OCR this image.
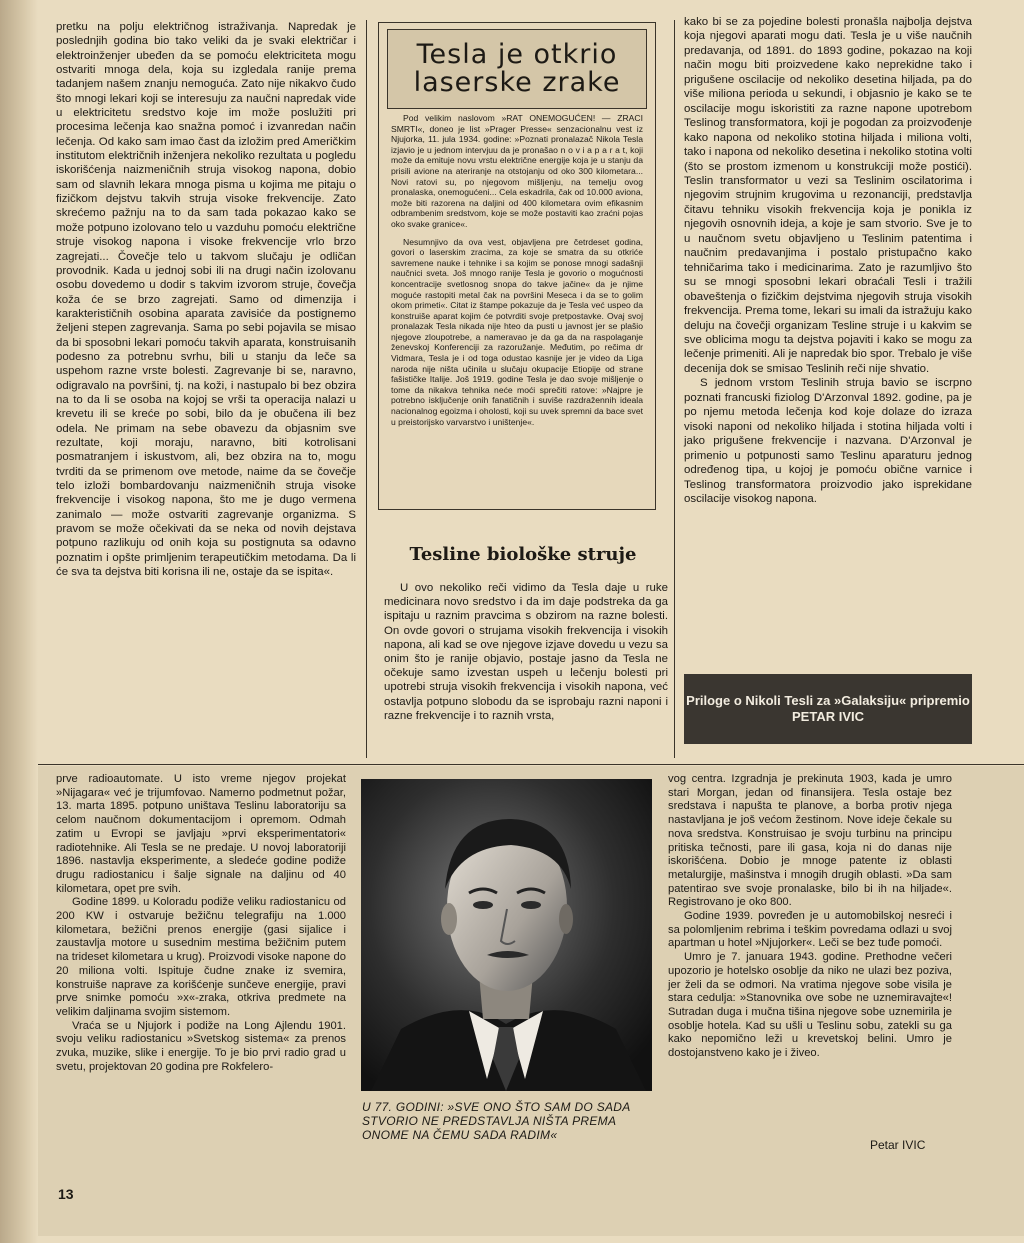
pretku na polju električnog istraživanja. Napredak je poslednjih godina bio tako veliki da je svaki električar i elektroinženjer ubeđen da se pomoću elektriciteta mogu ostvariti mnoga dela, koja su izgledala ranije prema tadanjem našem znanju nemoguća. Zato nije nikakvo čudo što mnogi lekari koji se interesuju za naučni napredak vide u elektricitetu sredstvo koje im može poslužiti pri procesima lečenja kao snažna pomoć i izvanredan način lečenja. Od kako sam imao čast da izložim pred Američkim institutom električnih inženjera nekoliko rezultata u pogledu iskorišćenja naizmeničnih struja visokog napona, dobio sam od slavnih lekara mnoga pisma u kojima me pitaju o fizičkom dejstvu takvih struja visoke frekvencije. Zato skrećemo pažnju na to da sam tada pokazao kako se može potpuno izolovano telo u vazduhu pomoću električne struje visokog napona i visoke frekvencije vrlo brzo zagrejati... Čovečje telo u takvom slučaju je odličan provodnik. Kada u jednoj sobi ili na drugi način izolovanu osobu dovedemo u dodir s takvim izvorom struje, čovečja koža će se brzo zagrejati. Samo od dimenzija i karakterističnih osobina aparata zavisiće da postignemo željeni stepen zagrevanja. Sama po sebi pojavila se misao da bi sposobni lekari pomoću takvih aparata, konstruisanih podesno za potrebnu svrhu, bili u stanju da leče sa uspehom razne vrste bolesti. Zagrevanje bi se, naravno, odigravalo na površini, tj. na koži, i nastupalo bi bez obzira na to da li se osoba na kojoj se vrši ta operacija nalazi u krevetu ili se kreće po sobi, bilo da je obučena ili bez odela. Ne primam na sebe obavezu da objasnim sve rezultate, koji moraju, naravno, biti kotrolisani posmatranjem i iskustvom, ali, bez obzira na to, mogu tvrditi da se primenom ove metode, naime da se čovečje telo izloži bombardovanju naizmeničnih struja visoke frekvencije i visokog napona, što me je dugo vermena zanimalo — može ostvariti zagrevanje organizma. S pravom se može očekivati da se neka od novih dejstava potpuno razlikuju od onih koja su postignuta sa odavno poznatim i opšte primljenim terapeutičkim metodama. Da li će sva ta dejstva biti korisna ili ne, ostaje da se ispita«.

Tesla je otkrio laserske zrake

Pod velikim naslovom »RAT ONEMOGUĆEN! — ZRACI SMRTI«, doneo je list »Prager Presse« senzacionalnu vest iz Njujorka, 11. jula 1934. godine: »Poznati pronalazač Nikola Tesla izjavio je u jednom intervjuu da je pronašao n o v i a p a r a t, koji može da emituje novu vrstu električne energije koja je u stanju da prisili avione na ateriranje na otstojanju od oko 300 kilometara... Novi ratovi su, po njegovom mišljenju, na temelju ovog pronalaska, onemogućeni... Cela eskadrila, čak od 10.000 aviona, može biti razorena na daljini od 400 kilometara ovim efikasnim odbrambenim sredstvom, koje se može postaviti kao zraćni pojas oko svake granice«.

Nesumnjivo da ova vest, objavljena pre četrdeset godina, govori o laserskim zracima, za koje se smatra da su otkriće savremene nauke i tehnike i sa kojim se ponose mnogi sadašnji naučnici sveta. Još mnogo ranije Tesla je govorio o mogućnosti koncentracije svetlosnog snopa do takve jačine« da je njime moguće rastopiti metal čak na površini Meseca i da se to golim okom primeti«. Citat iz štampe pokazuje da je Tesla već uspeo da konstruiše aparat kojim će potvrditi svoje pretpostavke. Ovaj svoj pronalazak Tesla nikada nije hteo da pusti u javnost jer se plašio njegove zloupotrebe, a nameravao je da ga da na raspolaganje ženevskoj Konferenciji za razoružanje. Međutim, po rečima dr Vidmara, Tesla je i od toga odustao kasnije jer je video da Liga naroda nije ništa učinila u slučaju okupacije Etiopije od strane fašističke Italije. Još 1919. godine Tesla je dao svoje mišljenje o tome da nikakva tehnika neće moći sprečiti ratove: »Najpre je potrebno isključenje onih fanatičnih i suviše razdražennih ideala nacionalnog egoizma i oholosti, koji su uvek spremni da bace svet u preistorijsko varvarstvo i uništenje«.

Tesline biološke struje

U ovo nekoliko reči vidimo da Tesla daje u ruke medicinara novo sredstvo i da im daje podstreka da ga ispitaju u raznim pravcima s obzirom na razne bolesti. On ovde govori o strujama visokih frekvencija i visokih napona, ali kad se ove njegove izjave dovedu u vezu sa onim što je ranije objavio, postaje jasno da Tesla ne očekuje samo izvestan uspeh u lečenju bolesti pri upotrebi struja visokih frekvencija i visokih napona, već ostavlja potpuno slobodu da se isprobaju razni naponi i razne frekvencije i to raznih vrsta,

kako bi se za pojedine bolesti pronašla najbolja dejstva koja njegovi aparati mogu dati. Tesla je u više naučnih predavanja, od 1891. do 1893 godine, pokazao na koji način mogu biti proizvedene kako neprekidne tako i prigušene oscilacije od nekoliko desetina hiljada, pa do više miliona perioda u sekundi, i objasnio je kako se te oscilacije mogu iskoristiti za razne napone upotrebom Teslinog transformatora, koji je pogodan za proizvođenje kako napona od nekoliko stotina hiljada i miliona volti, tako i napona od nekoliko desetina i nekoliko stotina volti (što se prostom izmenom u konstrukciji može postići). Teslin transformator u vezi sa Teslinim oscilatorima i njegovim strujnim krugovima u rezonanciji, predstavlja čitavu tehniku visokih frekvencija koja je ponikla iz njegovih osnovnih ideja, a koje je sam stvorio. Sve je to u naučnom svetu objavljeno u Teslinim patentima i naučnim predavanjima i postalo pristupačno kako tehničarima tako i medicinarima. Zato je razumljivo što su se mnogi sposobni lekari obraćali Tesli i tražili obaveštenja o fizičkim dejstvima njegovih struja visokih frekvencija. Prema tome, lekari su imali da istražuju kako deluju na čovečji organizam Tesline struje i u kakvim se sve oblicima mogu ta dejstva pojaviti i kako se mogu za lečenje primeniti. Ali je napredak bio spor. Trebalo je više decenija dok se smisao Teslinih reči nije shvatio.

S jednom vrstom Teslinih struja bavio se iscrpno poznati francuski fiziolog D'Arzonval 1892. godine, pa je po njemu metoda lečenja kod koje dolaze do izraza visoki naponi od nekoliko hiljada i stotina hiljada volti i jako prigušene frekvencije i nazvana. D'Arzonval je primenio u potpunosti samo Teslinu aparaturu jednog određenog tipa, u kojoj je pomoću obične varnice i Teslinog transformatora proizvodio jako isprekidane oscilacije visokog napona.

Priloge o Nikoli Tesli za »Galaksiju« pripremio PETAR IVIC

prve radioautomate. U isto vreme njegov projekat »Nijagara« već je trijumfovao. Namerno podmetnut požar, 13. marta 1895. potpuno uništava Teslinu laboratoriju sa celom naučnom dokumentacijom i opremom. Odmah zatim u Evropi se javljaju »prvi eksperimentatori« radiotehnike. Ali Tesla se ne predaje. U novoj laboratoriji 1896. nastavlja eksperimente, a sledeće godine podiže drugu radiostanicu i šalje signale na daljinu od 40 kilometara, opet pre svih.

Godine 1899. u Koloradu podiže veliku radiostanicu od 200 KW i ostvaruje bežičnu telegrafiju na 1.000 kilometara, bežični prenos energije (gasi sijalice i zaustavlja motore u susednim mestima bežičnim putem na trideset kilometara u krug). Proizvodi visoke napone do 20 miliona volti. Ispituje čudne znake iz svemira, konstruiše naprave za korišćenje sunčeve energije, pravi prve snimke pomoću »x«-zraka, otkriva predmete na velikim daljinama svojim sistemom.

Vraća se u Njujork i podiže na Long Ajlendu 1901. svoju veliku radiostanicu »Svetskog sistema« za prenos zvuka, muzike, slike i energije. To je bio prvi radio grad u svetu, projektovan 20 godina pre Rokfelero-

U 77. GODINI: »SVE ONO ŠTO SAM DO SADA STVORIO NE PREDSTAVLJA NIŠTA PREMA ONOME NA ČEMU SADA RADIM«

vog centra. Izgradnja je prekinuta 1903, kada je umro stari Morgan, jedan od finansijera. Tesla ostaje bez sredstava i napušta te planove, a borba protiv njega nastavljana je još većom žestinom. Nove ideje čekale su nova sredstva. Konstruisao je svoju turbinu na principu pritiska tečnosti, pare ili gasa, koja ni do danas nije iskorišćena. Dobio je mnoge patente iz oblasti metalurgije, mašinstva i mnogih drugih oblasti. »Da sam patentirao sve svoje pronalaske, bilo bi ih na hiljade«. Registrovano je oko 800.

Godine 1939. povređen je u automobilskoj nesreći i sa polomljenim rebrima i teškim povredama odlazi u svoj apartman u hotel »Njujorker«. Leči se bez tuđe pomoći.

Umro je 7. januara 1943. godine. Prethodne večeri upozorio je hotelsko osoblje da niko ne ulazi bez poziva, jer želi da se odmori. Na vratima njegove sobe visila je stara cedulja: »Stanovnika ove sobe ne uznemiravajte«! Sutradan duga i mučna tišina njegove sobe uznemirila je osoblje hotela. Kad su ušli u Teslinu sobu, zatekli su ga kako nepomično leži u krevetskoj belini. Umro je dostojanstveno kako je i živeo.

Petar IVIC
13
